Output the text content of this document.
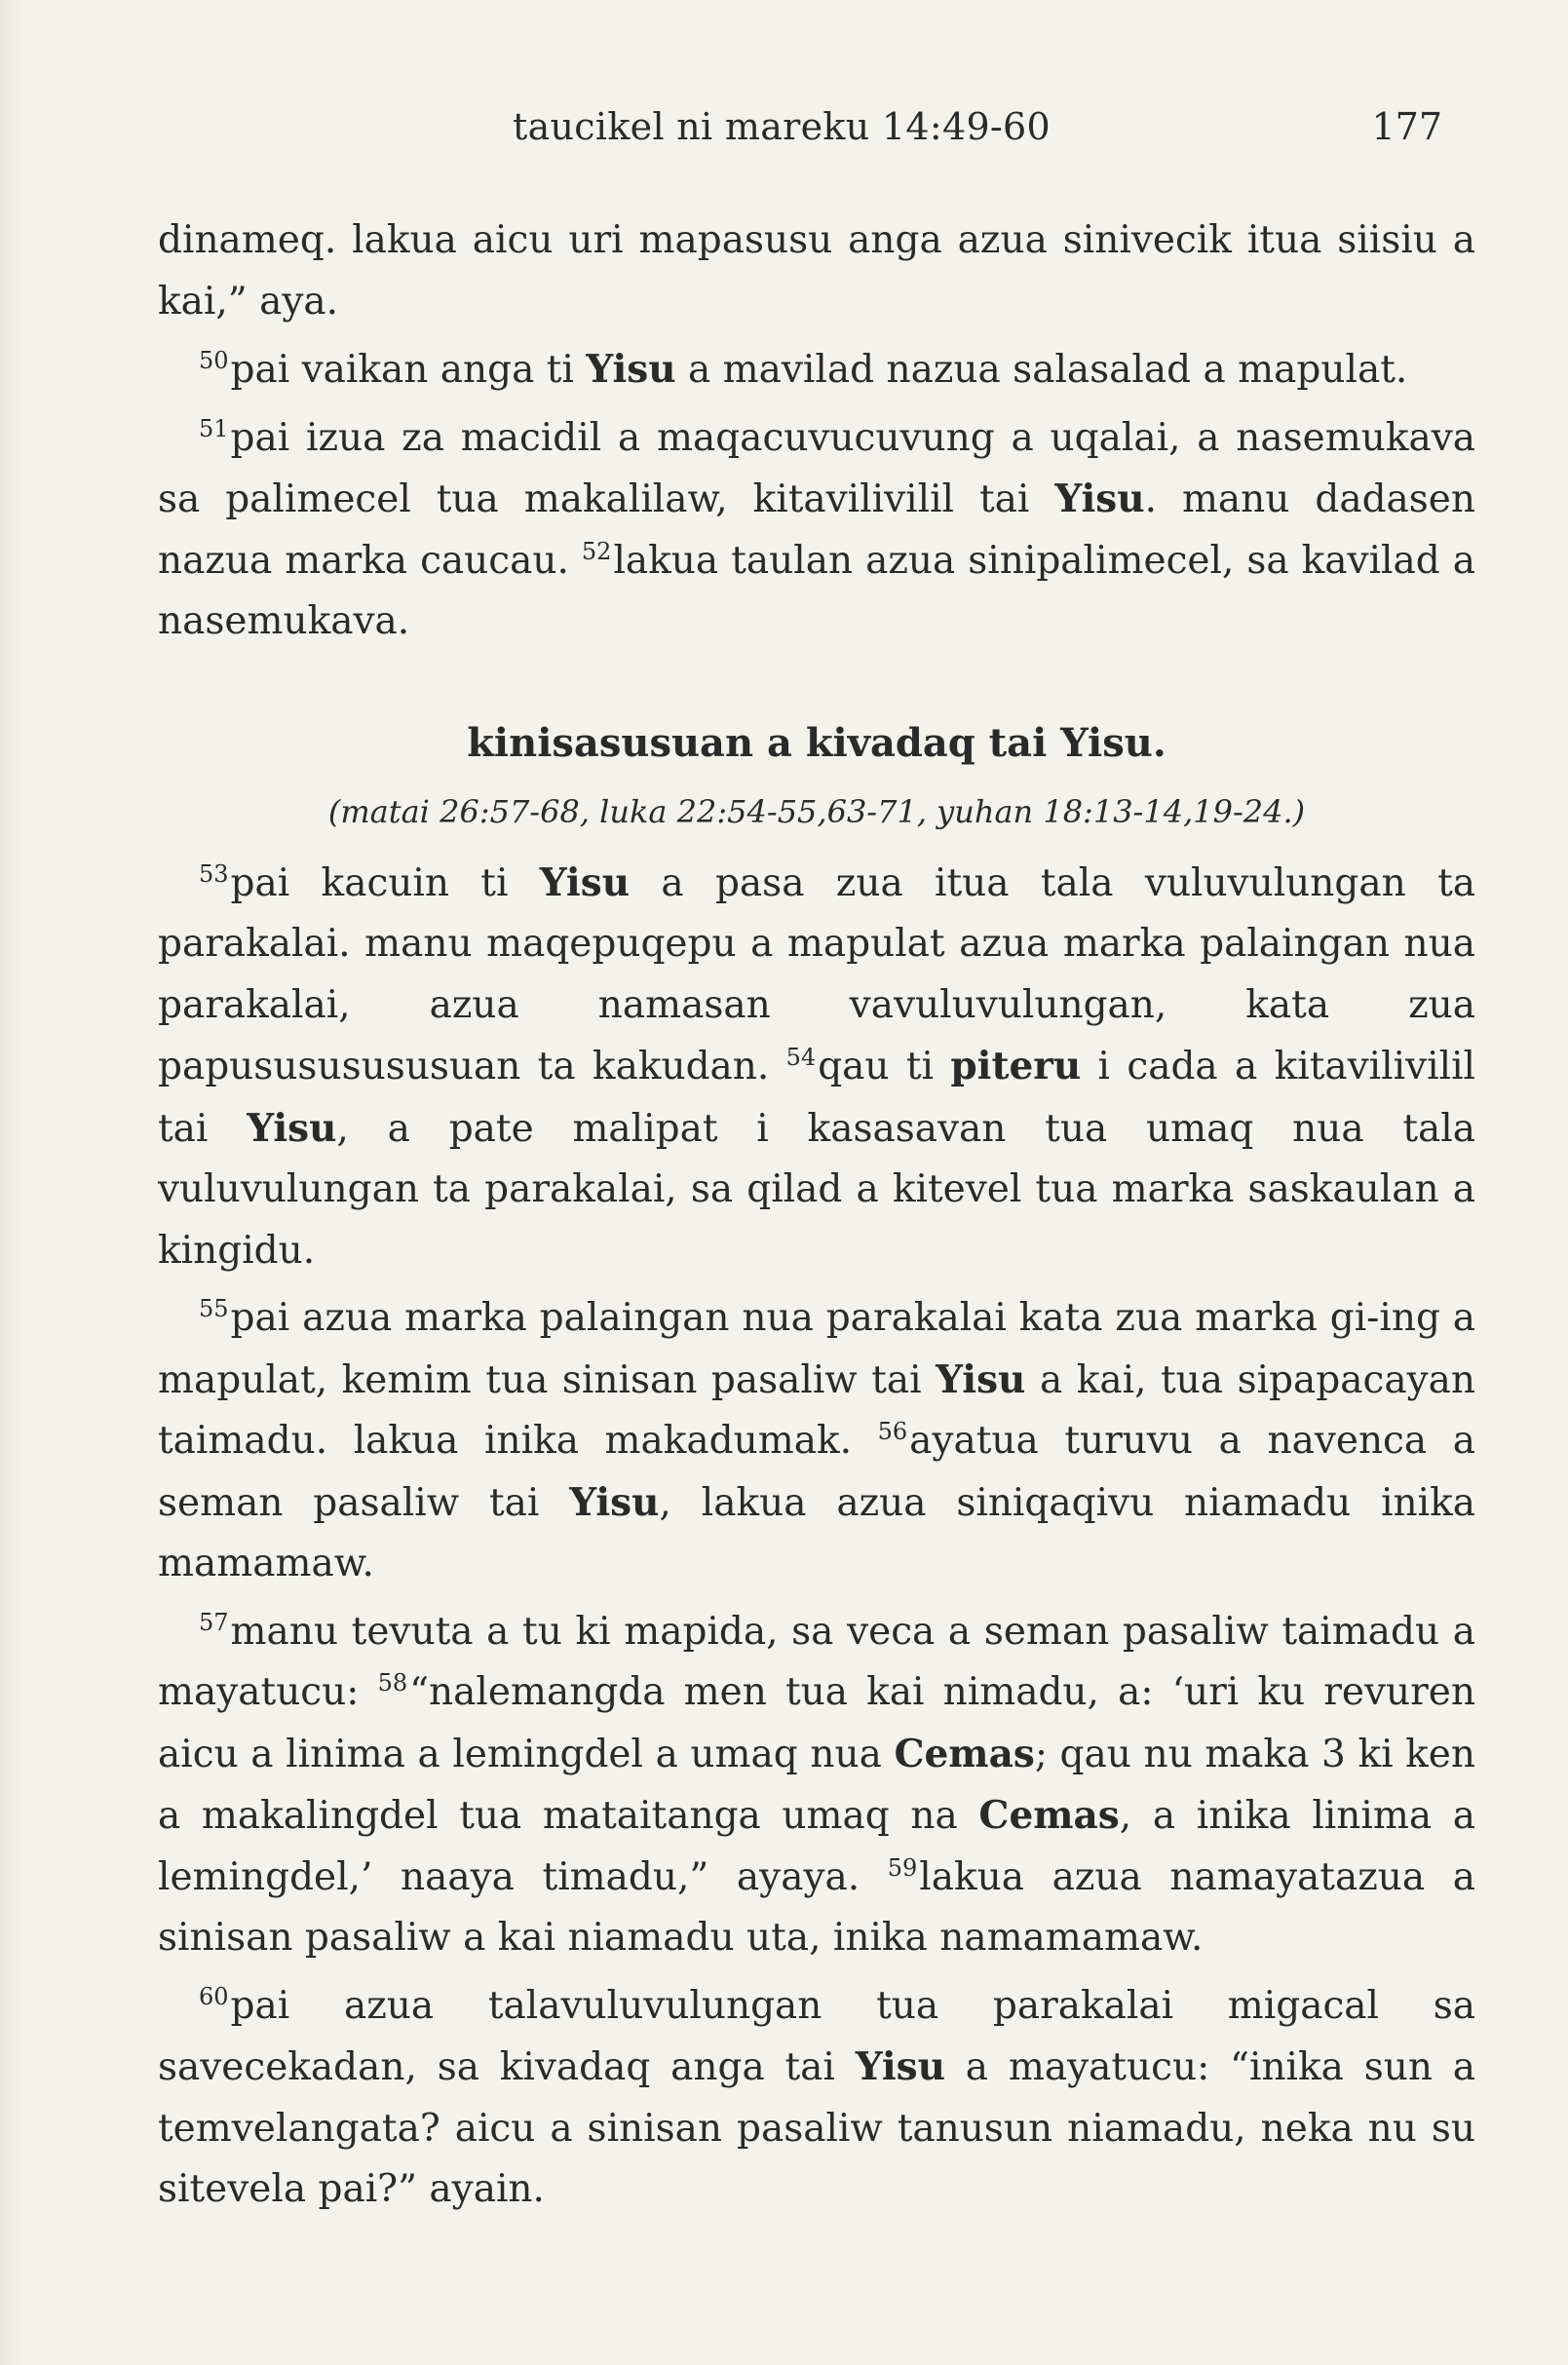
taucikel ni mareku 14:49-60	177

dinameq. lakua aicu uri mapasusu anga azua sinivecik itua siisiu a kai,” aya.

$^{50}$pai vaikan anga ti Yisu a mavilad nazua salasalad a mapulat.

$^{51}$pai izua za macidil a maqacuvucuvung a uqalai, a nasemukava sa palimecel tua makalilaw, kitavilivilil tai Yisu. manu dadasen nazua marka caucau. $^{52}$lakua taulan azua sinipalimecel, sa kavilad a nasemukava.

kinisasusuan a kivadaq tai Yisu.
(matai 26:57-68, luka 22:54-55,63-71, yuhan 18:13-14,19-24.)

$^{53}$pai kacuin ti Yisu a pasa zua itua tala vuluvulungan ta parakalai. manu maqepuqepu a mapulat azua marka palaingan nua parakalai, azua namasan vavuluvulungan, kata zua papusususususuan ta kakudan. $^{54}$qau ti piteru i cada a kitavilivilil tai Yisu, a pate malipat i kasasavan tua umaq nua tala vuluvulungan ta parakalai, sa qilad a kitevel tua marka saskaulan a kingidu.

$^{55}$pai azua marka palaingan nua parakalai kata zua marka gi-ing a mapulat, kemim tua sinisan pasaliw tai Yisu a kai, tua sipapacayan taimadu. lakua inika makadumak. $^{56}$ayatua turuvu a navenca a seman pasaliw tai Yisu, lakua azua siniqaqivu niamadu inika mamamaw.

$^{57}$manu tevuta a tu ki mapida, sa veca a seman pasaliw taimadu a mayatucu: $^{58}$“nalemangda men tua kai nimadu, a: ‘uri ku revuren aicu a linima a lemingdel a umaq nua Cemas; qau nu maka 3 ki ken a makalingdel tua mataitanga umaq na Cemas, a inika linima a lemingdel,’ naaya timadu,” ayaya. $^{59}$lakua azua namayatazua a sinisan pasaliw a kai niamadu uta, inika namamamaw.

$^{60}$pai azua talavuluvulungan tua parakalai migacal sa savecekadan, sa kivadaq anga tai Yisu a mayatucu: “inika sun a temvelangata? aicu a sinisan pasaliw tanusun niamadu, neka nu su sitevela pai?” ayain.
